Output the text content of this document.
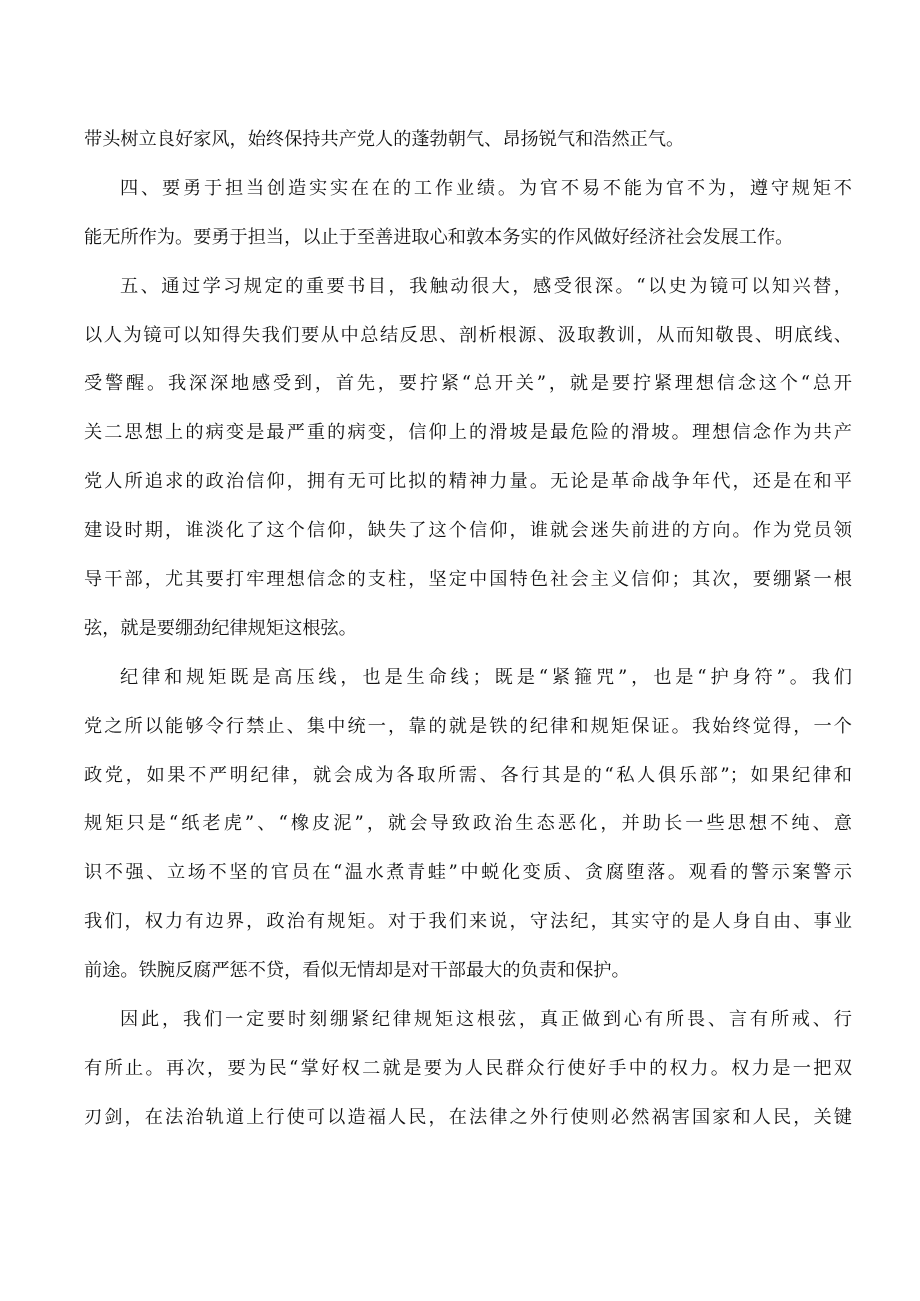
带头树立良好家风，始终保持共产党人的蓬勃朝气、昂扬锐气和浩然正气。
四、要勇于担当创造实实在在的工作业绩。为官不易不能为官不为，遵守规矩不
能无所作为。要勇于担当，以止于至善进取心和敦本务实的作风做好经济社会发展工作。
五、通过学习规定的重要书目，我触动很大，感受很深。“以史为镜可以知兴替，
以人为镜可以知得失我们要从中总结反思、剖析根源、汲取教训，从而知敬畏、明底线、
受警醒。我深深地感受到，首先，要拧紧“总开关”，就是要拧紧理想信念这个“总开
关二思想上的病变是最严重的病变，信仰上的滑坡是最危险的滑坡。理想信念作为共产
党人所追求的政治信仰，拥有无可比拟的精神力量。无论是革命战争年代，还是在和平
建设时期，谁淡化了这个信仰，缺失了这个信仰，谁就会迷失前进的方向。作为党员领
导干部，尤其要打牢理想信念的支柱，坚定中国特色社会主义信仰；其次，要绷紧一根
弦，就是要绷劲纪律规矩这根弦。
纪律和规矩既是高压线，也是生命线；既是“紧箍咒”，也是“护身符”。我们
党之所以能够令行禁止、集中统一，靠的就是铁的纪律和规矩保证。我始终觉得，一个
政党，如果不严明纪律，就会成为各取所需、各行其是的“私人俱乐部”；如果纪律和
规矩只是“纸老虎”、“橡皮泥”，就会导致政治生态恶化，并助长一些思想不纯、意
识不强、立场不坚的官员在“温水煮青蛙”中蜕化变质、贪腐堕落。观看的警示案警示
我们，权力有边界，政治有规矩。对于我们来说，守法纪，其实守的是人身自由、事业
前途。铁腕反腐严惩不贷，看似无情却是对干部最大的负责和保护。
因此，我们一定要时刻绷紧纪律规矩这根弦，真正做到心有所畏、言有所戒、行
有所止。再次，要为民“掌好权二就是要为人民群众行使好手中的权力。权力是一把双
刃剑，在法治轨道上行使可以造福人民，在法律之外行使则必然祸害国家和人民，关键
